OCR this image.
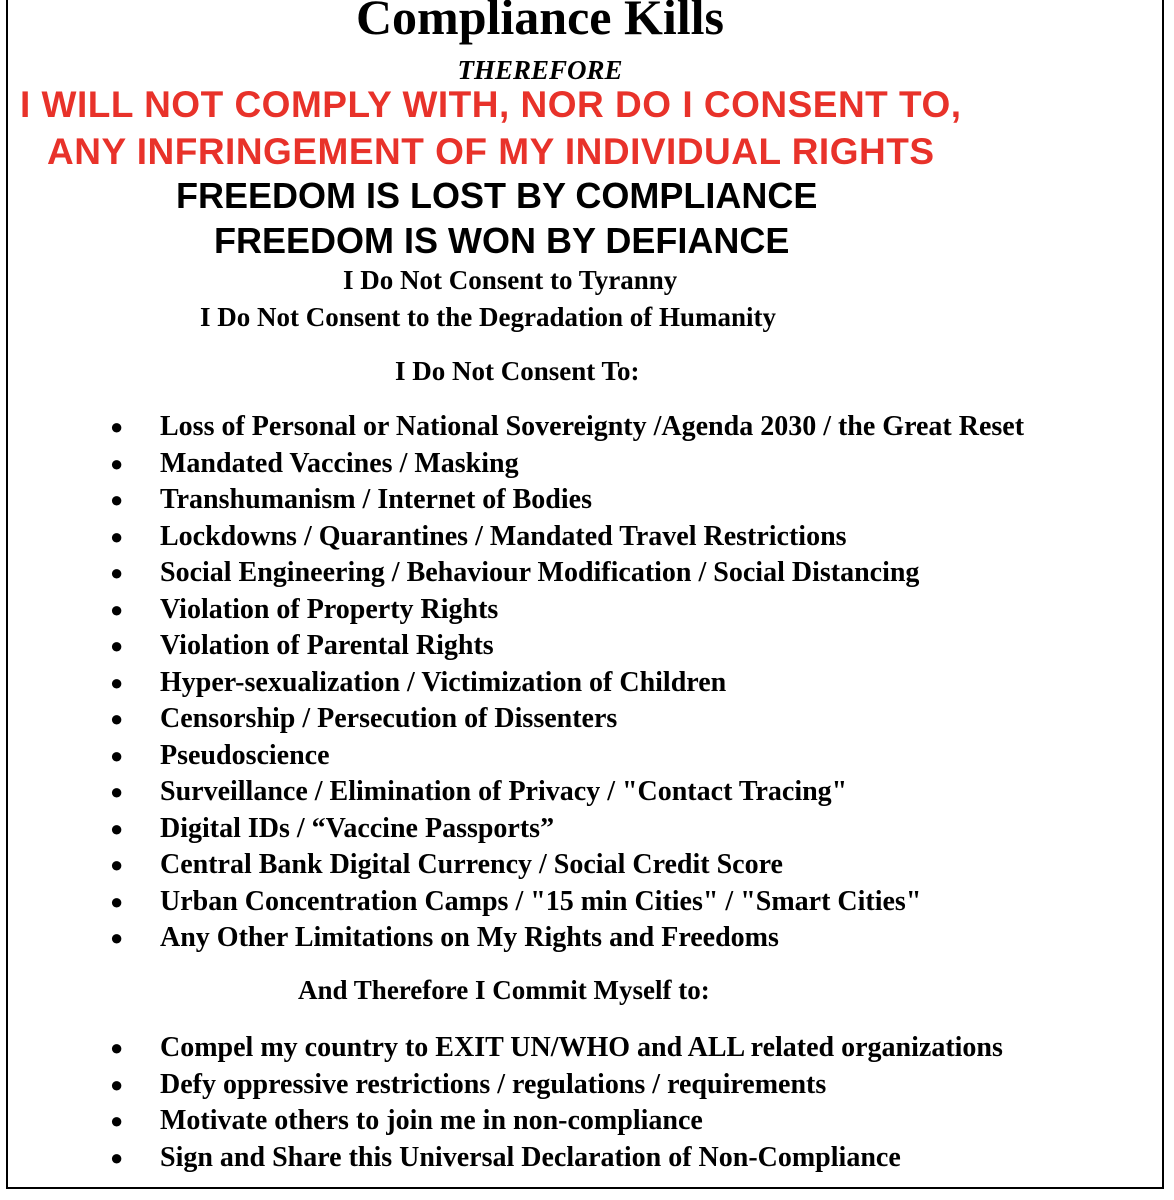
Compliance Kills
THEREFORE
I WILL NOT COMPLY WITH, NOR DO I CONSENT TO,
ANY INFRINGEMENT OF MY INDIVIDUAL RIGHTS
FREEDOM IS LOST BY COMPLIANCE
FREEDOM IS WON BY DEFIANCE
I Do Not Consent to Tyranny
I Do Not Consent to the Degradation of Humanity
I Do Not Consent To:
● Loss of Personal or National Sovereignty /Agenda 2030 / the Great Reset
● Mandated Vaccines / Masking
● Transhumanism / Internet of Bodies
● Lockdowns / Quarantines / Mandated Travel Restrictions
● Social Engineering / Behaviour Modification / Social Distancing
● Violation of Property Rights
● Violation of Parental Rights
● Hyper-sexualization / Victimization of Children
● Censorship / Persecution of Dissenters
● Pseudoscience
● Surveillance / Elimination of Privacy / "Contact Tracing"
● Digital IDs / “Vaccine Passports”
● Central Bank Digital Currency / Social Credit Score
● Urban Concentration Camps / "15 min Cities" / "Smart Cities"
● Any Other Limitations on My Rights and Freedoms
And Therefore I Commit Myself to:
● Compel my country to EXIT UN/WHO and ALL related organizations
● Defy oppressive restrictions / regulations / requirements
● Motivate others to join me in non-compliance
● Sign and Share this Universal Declaration of Non-Compliance
